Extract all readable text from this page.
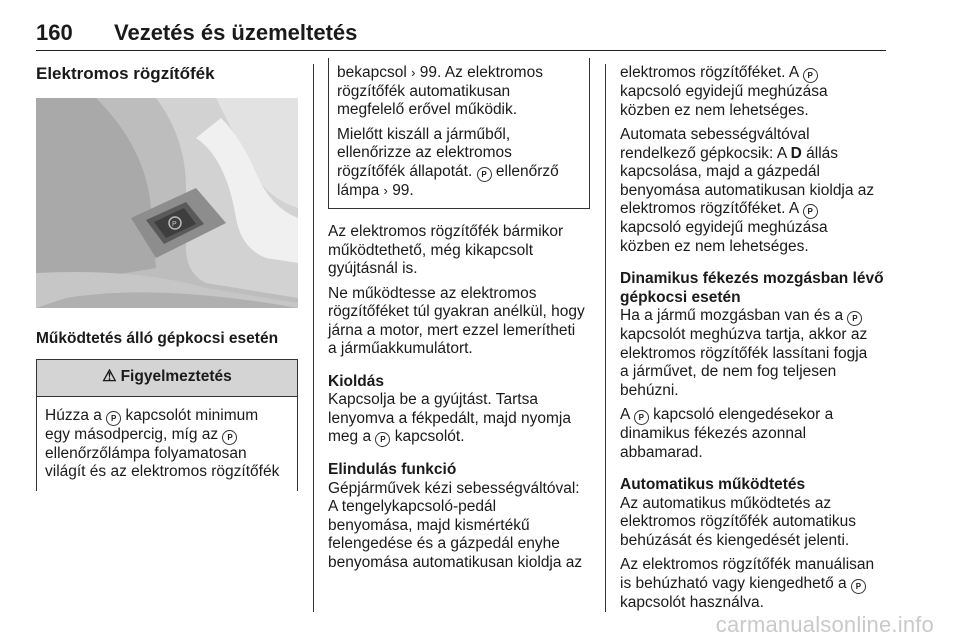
160 Vezetés és üzemeltetés
Elektromos rögzítőfék
P
Működtetés álló gépkocsi esetén
⚠ Figyelmeztetés
Húzza a P kapcsolót minimum
egy másodpercig, míg az P
ellenőrzőlámpa folyamatosan
világít és az elektromos rögzítőfék

bekapcsol › 99. Az elektromos
rögzítőfék automatikusan
megfelelő erővel működik.

Mielőtt kiszáll a járműből,
ellenőrizze az elektromos
rögzítőfék állapotát. P ellenőrző
lámpa › 99.

Az elektromos rögzítőfék bármikor
működtethető, még kikapcsolt
gyújtásnál is.

Ne működtesse az elektromos
rögzítőféket túl gyakran anélkül, hogy
járna a motor, mert ezzel lemerítheti
a járműakkumulátort.

Kioldás

Kapcsolja be a gyújtást. Tartsa
lenyomva a fékpedált, majd nyomja
meg a P kapcsolót.

Elindulás funkció

Gépjárművek kézi sebességváltóval:
A tengelykapcsoló-pedál
benyomása, majd kismértékű
felengedése és a gázpedál enyhe
benyomása automatikusan kioldja az

elektromos rögzítőféket. A P
kapcsoló egyidejű meghúzása
közben ez nem lehetséges.

Automata sebességváltóval
rendelkező gépkocsik: A D állás
kapcsolása, majd a gázpedál
benyomása automatikusan kioldja az
elektromos rögzítőféket. A P
kapcsoló egyidejű meghúzása
közben ez nem lehetséges.

Dinamikus fékezés mozgásban lévő
gépkocsi esetén

Ha a jármű mozgásban van és a P
kapcsolót meghúzva tartja, akkor az
elektromos rögzítőfék lassítani fogja
a járművet, de nem fog teljesen
behúzni.

A P kapcsoló elengedésekor a
dinamikus fékezés azonnal
abbamarad.

Automatikus működtetés

Az automatikus működtetés az
elektromos rögzítőfék automatikus
behúzását és kiengedését jelenti.

Az elektromos rögzítőfék manuálisan
is behúzható vagy kiengedhető a P
kapcsolót használva.

carmanualsonline.info
